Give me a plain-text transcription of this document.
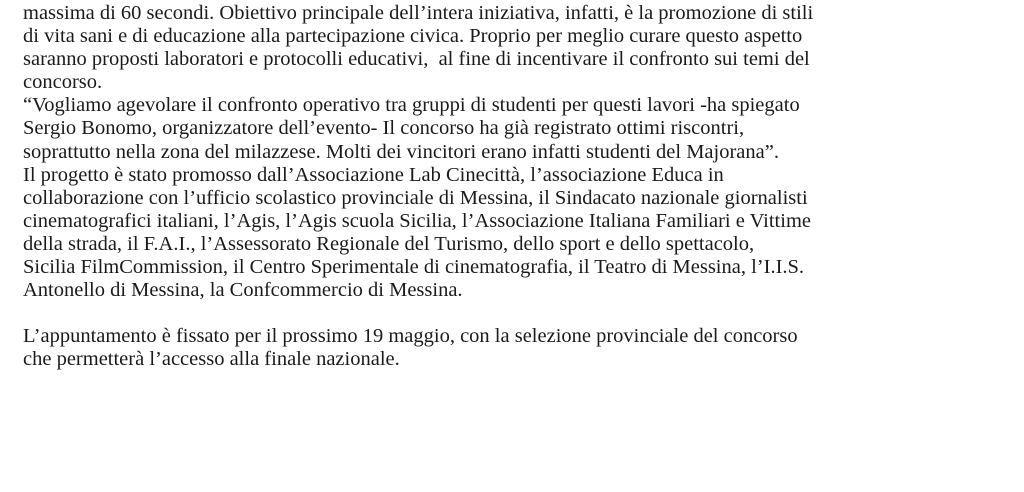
massima di 60 secondi. Obiettivo principale dell’intera iniziativa, infatti, è la promozione di stili
di vita sani e di educazione alla partecipazione civica. Proprio per meglio curare questo aspetto
saranno proposti laboratori e protocolli educativi,  al fine di incentivare il confronto sui temi del
concorso.
“Vogliamo agevolare il confronto operativo tra gruppi di studenti per questi lavori -ha spiegato
Sergio Bonomo, organizzatore dell’evento- Il concorso ha già registrato ottimi riscontri,
soprattutto nella zona del milazzese. Molti dei vincitori erano infatti studenti del Majorana”.
Il progetto è stato promosso dall’Associazione Lab Cinecittà, l’associazione Educa in
collaborazione con l’ufficio scolastico provinciale di Messina, il Sindacato nazionale giornalisti
cinematografici italiani, l’Agis, l’Agis scuola Sicilia, l’Associazione Italiana Familiari e Vittime
della strada, il F.A.I., l’Assessorato Regionale del Turismo, dello sport e dello spettacolo,
Sicilia FilmCommission, il Centro Sperimentale di cinematografia, il Teatro di Messina, l’I.I.S.
Antonello di Messina, la Confcommercio di Messina.
L’appuntamento è fissato per il prossimo 19 maggio, con la selezione provinciale del concorso
che permetterà l’accesso alla finale nazionale.
